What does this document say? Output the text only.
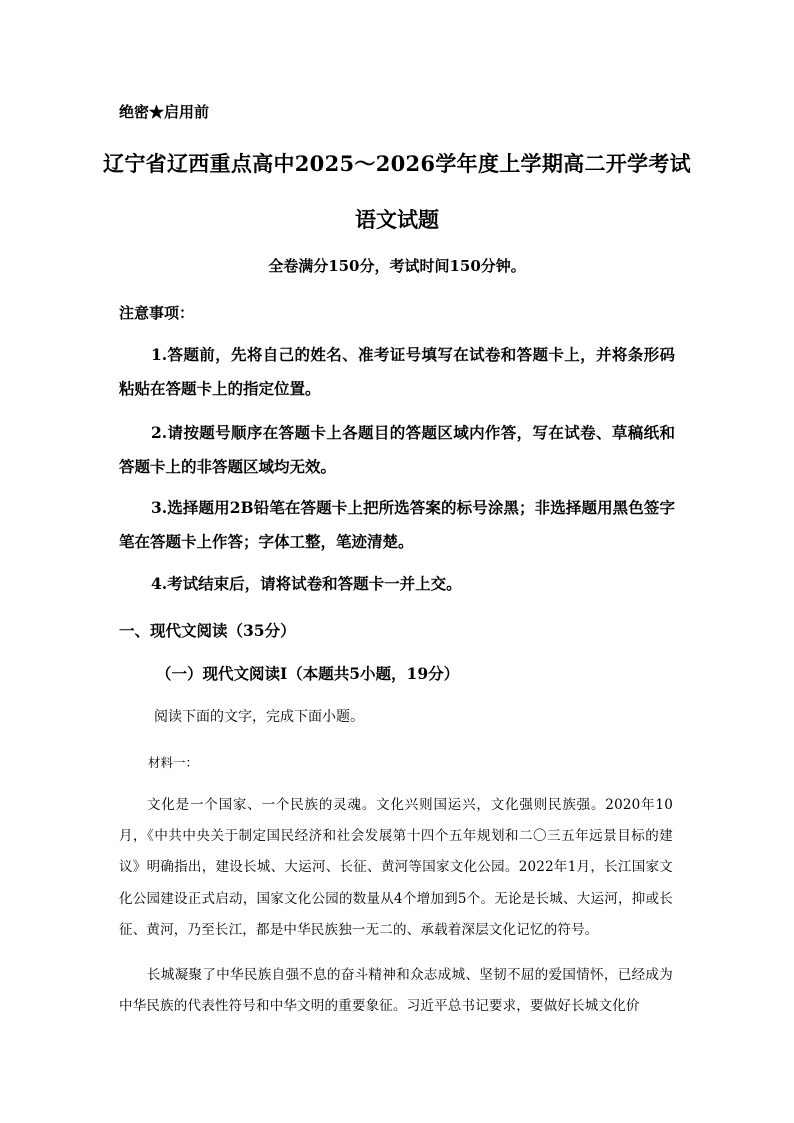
绝密★启用前
辽宁省辽西重点高中2025～2026学年度上学期高二开学考试
语文试题
全卷满分150分，考试时间150分钟。
注意事项：
1.答题前，先将自己的姓名、准考证号填写在试卷和答题卡上，并将条形码粘贴在答题卡上的指定位置。
2.请按题号顺序在答题卡上各题目的答题区域内作答，写在试卷、草稿纸和答题卡上的非答题区域均无效。
3.选择题用2B铅笔在答题卡上把所选答案的标号涂黑；非选择题用黑色签字笔在答题卡上作答；字体工整，笔迹清楚。
4.考试结束后，请将试卷和答题卡一并上交。
一、现代文阅读（35分）
（一）现代文阅读Ⅰ（本题共5小题，19分）
阅读下面的文字，完成下面小题。
材料一：
文化是一个国家、一个民族的灵魂。文化兴则国运兴，文化强则民族强。2020年10月，《中共中央关于制定国民经济和社会发展第十四个五年规划和二〇三五年远景目标的建议》明确指出，建设长城、大运河、长征、黄河等国家文化公园。2022年1月，长江国家文化公园建设正式启动，国家文化公园的数量从4个增加到5个。无论是长城、大运河，抑或长征、黄河，乃至长江，都是中华民族独一无二的、承载着深层文化记忆的符号。
长城凝聚了中华民族自强不息的奋斗精神和众志成城、坚韧不屈的爱国情怀，已经成为中华民族的代表性符号和中华文明的重要象征。习近平总书记要求，要做好长城文化价
